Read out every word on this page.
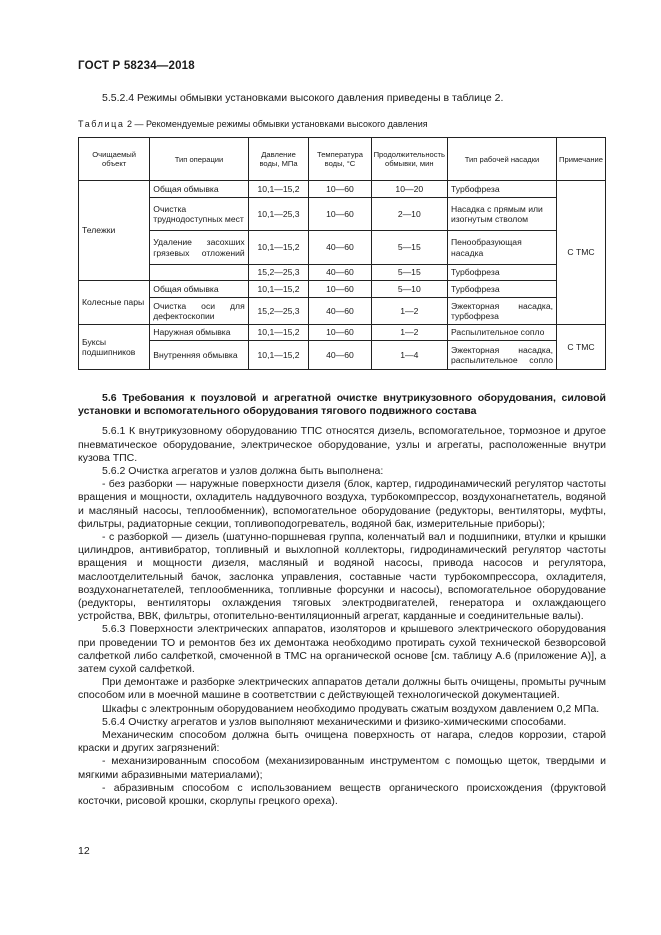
ГОСТ Р 58234—2018
5.5.2.4 Режимы обмывки установками высокого давления приведены в таблице 2.
Таблица 2 — Рекомендуемые режимы обмывки установками высокого давления
Очищаемый объект	Тип операции	Давление воды, МПа	Температура воды, °С	Продолжительность обмывки, мин	Тип рабочей насадки	Примечание
Тележки	Общая обмывка	10,1—15,2	10—60	10—20	Турбофреза	С ТМС
	Очистка труднодоступных мест	10,1—25,3	10—60	2—10	Насадка с прямым или изогнутым стволом	
	Удаление засохших грязевых отложений	10,1—15,2	40—60	5—15	Пенообразующая насадка	
		15,2—25,3	40—60	5—15	Турбофреза	
Колесные пары	Общая обмывка	10,1—15,2	10—60	5—10	Турбофреза	
	Очистка оси для дефектоскопии	15,2—25,3	40—60	1—2	Эжекторная насадка, турбофреза	
Буксы подшипников	Наружная обмывка	10,1—15,2	10—60	1—2	Распылительное сопло	С ТМС
	Внутренняя обмывка	10,1—15,2	40—60	1—4	Эжекторная насадка, распылительное сопло	

5.6 Требования к поузловой и агрегатной очистке внутрикузовного оборудования, силовой установки и вспомогательного оборудования тягового подвижного состава

5.6.1 К внутрикузовному оборудованию ТПС относятся дизель, вспомогательное, тормозное и другое пневматическое оборудование, электрическое оборудование, узлы и агрегаты, расположенные внутри кузова ТПС.

5.6.2 Очистка агрегатов и узлов должна быть выполнена:

- без разборки — наружные поверхности дизеля (блок, картер, гидродинамический регулятор частоты вращения и мощности, охладитель наддувочного воздуха, турбокомпрессор, воздухонагнетатель, водяной и масляный насосы, теплообменник), вспомогательное оборудование (редукторы, вентиляторы, муфты, фильтры, радиаторные секции, топливоподогреватель, водяной бак, измерительные приборы);

- с разборкой — дизель (шатунно-поршневая группа, коленчатый вал и подшипники, втулки и крышки цилиндров, антивибратор, топливный и выхлопной коллекторы, гидродинамический регулятор частоты вращения и мощности дизеля, масляный и водяной насосы, привода насосов и регулятора, маслоотделительный бачок, заслонка управления, составные части турбокомпрессора, охладителя, воздухонагнетателей, теплообменника, топливные форсунки и насосы), вспомогательное оборудование (редукторы, вентиляторы охлаждения тяговых электродвигателей, генератора и охлаждающего устройства, ВВК, фильтры, отопительно-вентиляционный агрегат, карданные и соединительные валы).

5.6.3 Поверхности электрических аппаратов, изоляторов и крышевого электрического оборудования при проведении ТО и ремонтов без их демонтажа необходимо протирать сухой технической безворсовой салфеткой либо салфеткой, смоченной в ТМС на органической основе [см. таблицу А.6 (приложение А)], а затем сухой салфеткой.

При демонтаже и разборке электрических аппаратов детали должны быть очищены, промыты ручным способом или в моечной машине в соответствии с действующей технологической документацией.

Шкафы с электронным оборудованием необходимо продувать сжатым воздухом давлением 0,2 МПа.

5.6.4 Очистку агрегатов и узлов выполняют механическими и физико-химическими способами.

Механическим способом должна быть очищена поверхность от нагара, следов коррозии, старой краски и других загрязнений:

- механизированным способом (механизированным инструментом с помощью щеток, твердыми и мягкими абразивными материалами);

- абразивным способом с использованием веществ органического происхождения (фруктовой косточки, рисовой крошки, скорлупы грецкого ореха).

12
